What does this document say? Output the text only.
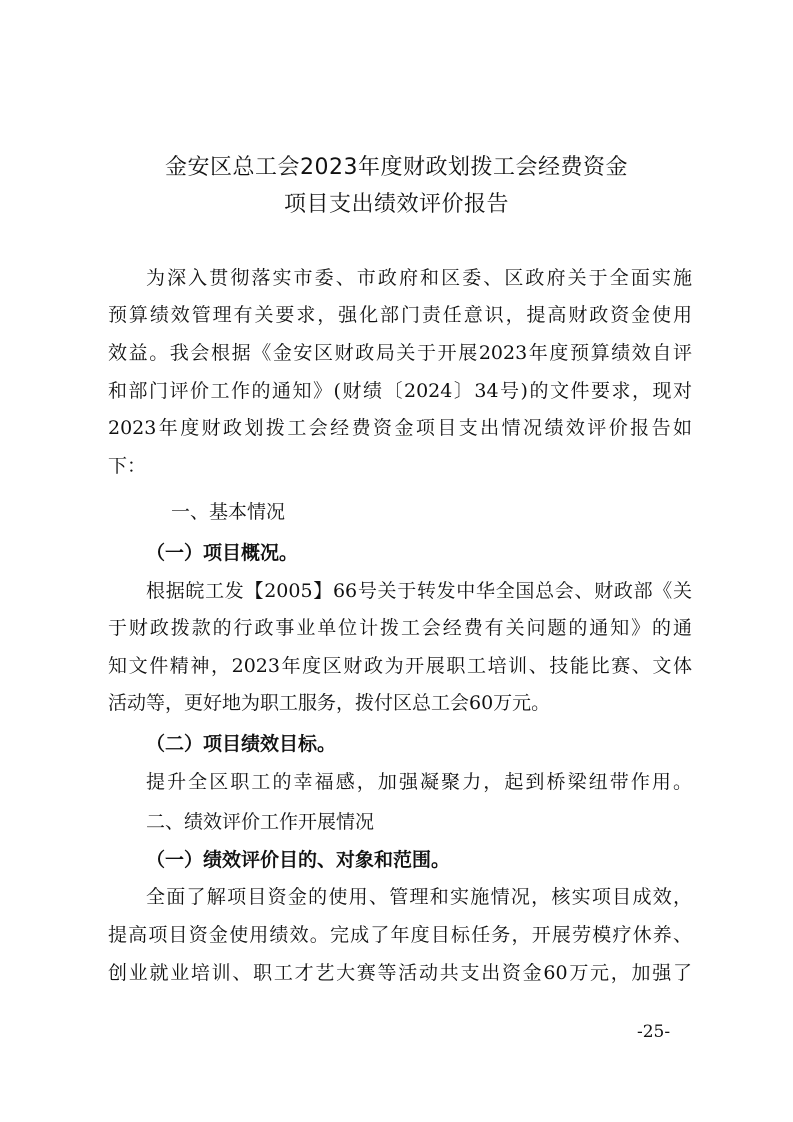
金安区总工会2023年度财政划拨工会经费资金
项目支出绩效评价报告
为深入贯彻落实市委、市政府和区委、区政府关于全面实施
预算绩效管理有关要求，强化部门责任意识，提高财政资金使用
效益。我会根据《金安区财政局关于开展2023年度预算绩效自评
和部门评价工作的通知》(财绩〔2024〕34号)的文件要求，现对
2023年度财政划拨工会经费资金项目支出情况绩效评价报告如
下：
一、基本情况
（一）项目概况。
根据皖工发【2005】66号关于转发中华全国总会、财政部《关
于财政拨款的行政事业单位计拨工会经费有关问题的通知》的通
知文件精神，2023年度区财政为开展职工培训、技能比赛、文体
活动等，更好地为职工服务，拨付区总工会60万元。
（二）项目绩效目标。
提升全区职工的幸福感，加强凝聚力，起到桥梁纽带作用。
二、绩效评价工作开展情况
（一）绩效评价目的、对象和范围。
全面了解项目资金的使用、管理和实施情况，核实项目成效，
提高项目资金使用绩效。完成了年度目标任务，开展劳模疗休养、
创业就业培训、职工才艺大赛等活动共支出资金60万元，加强了
-25-
